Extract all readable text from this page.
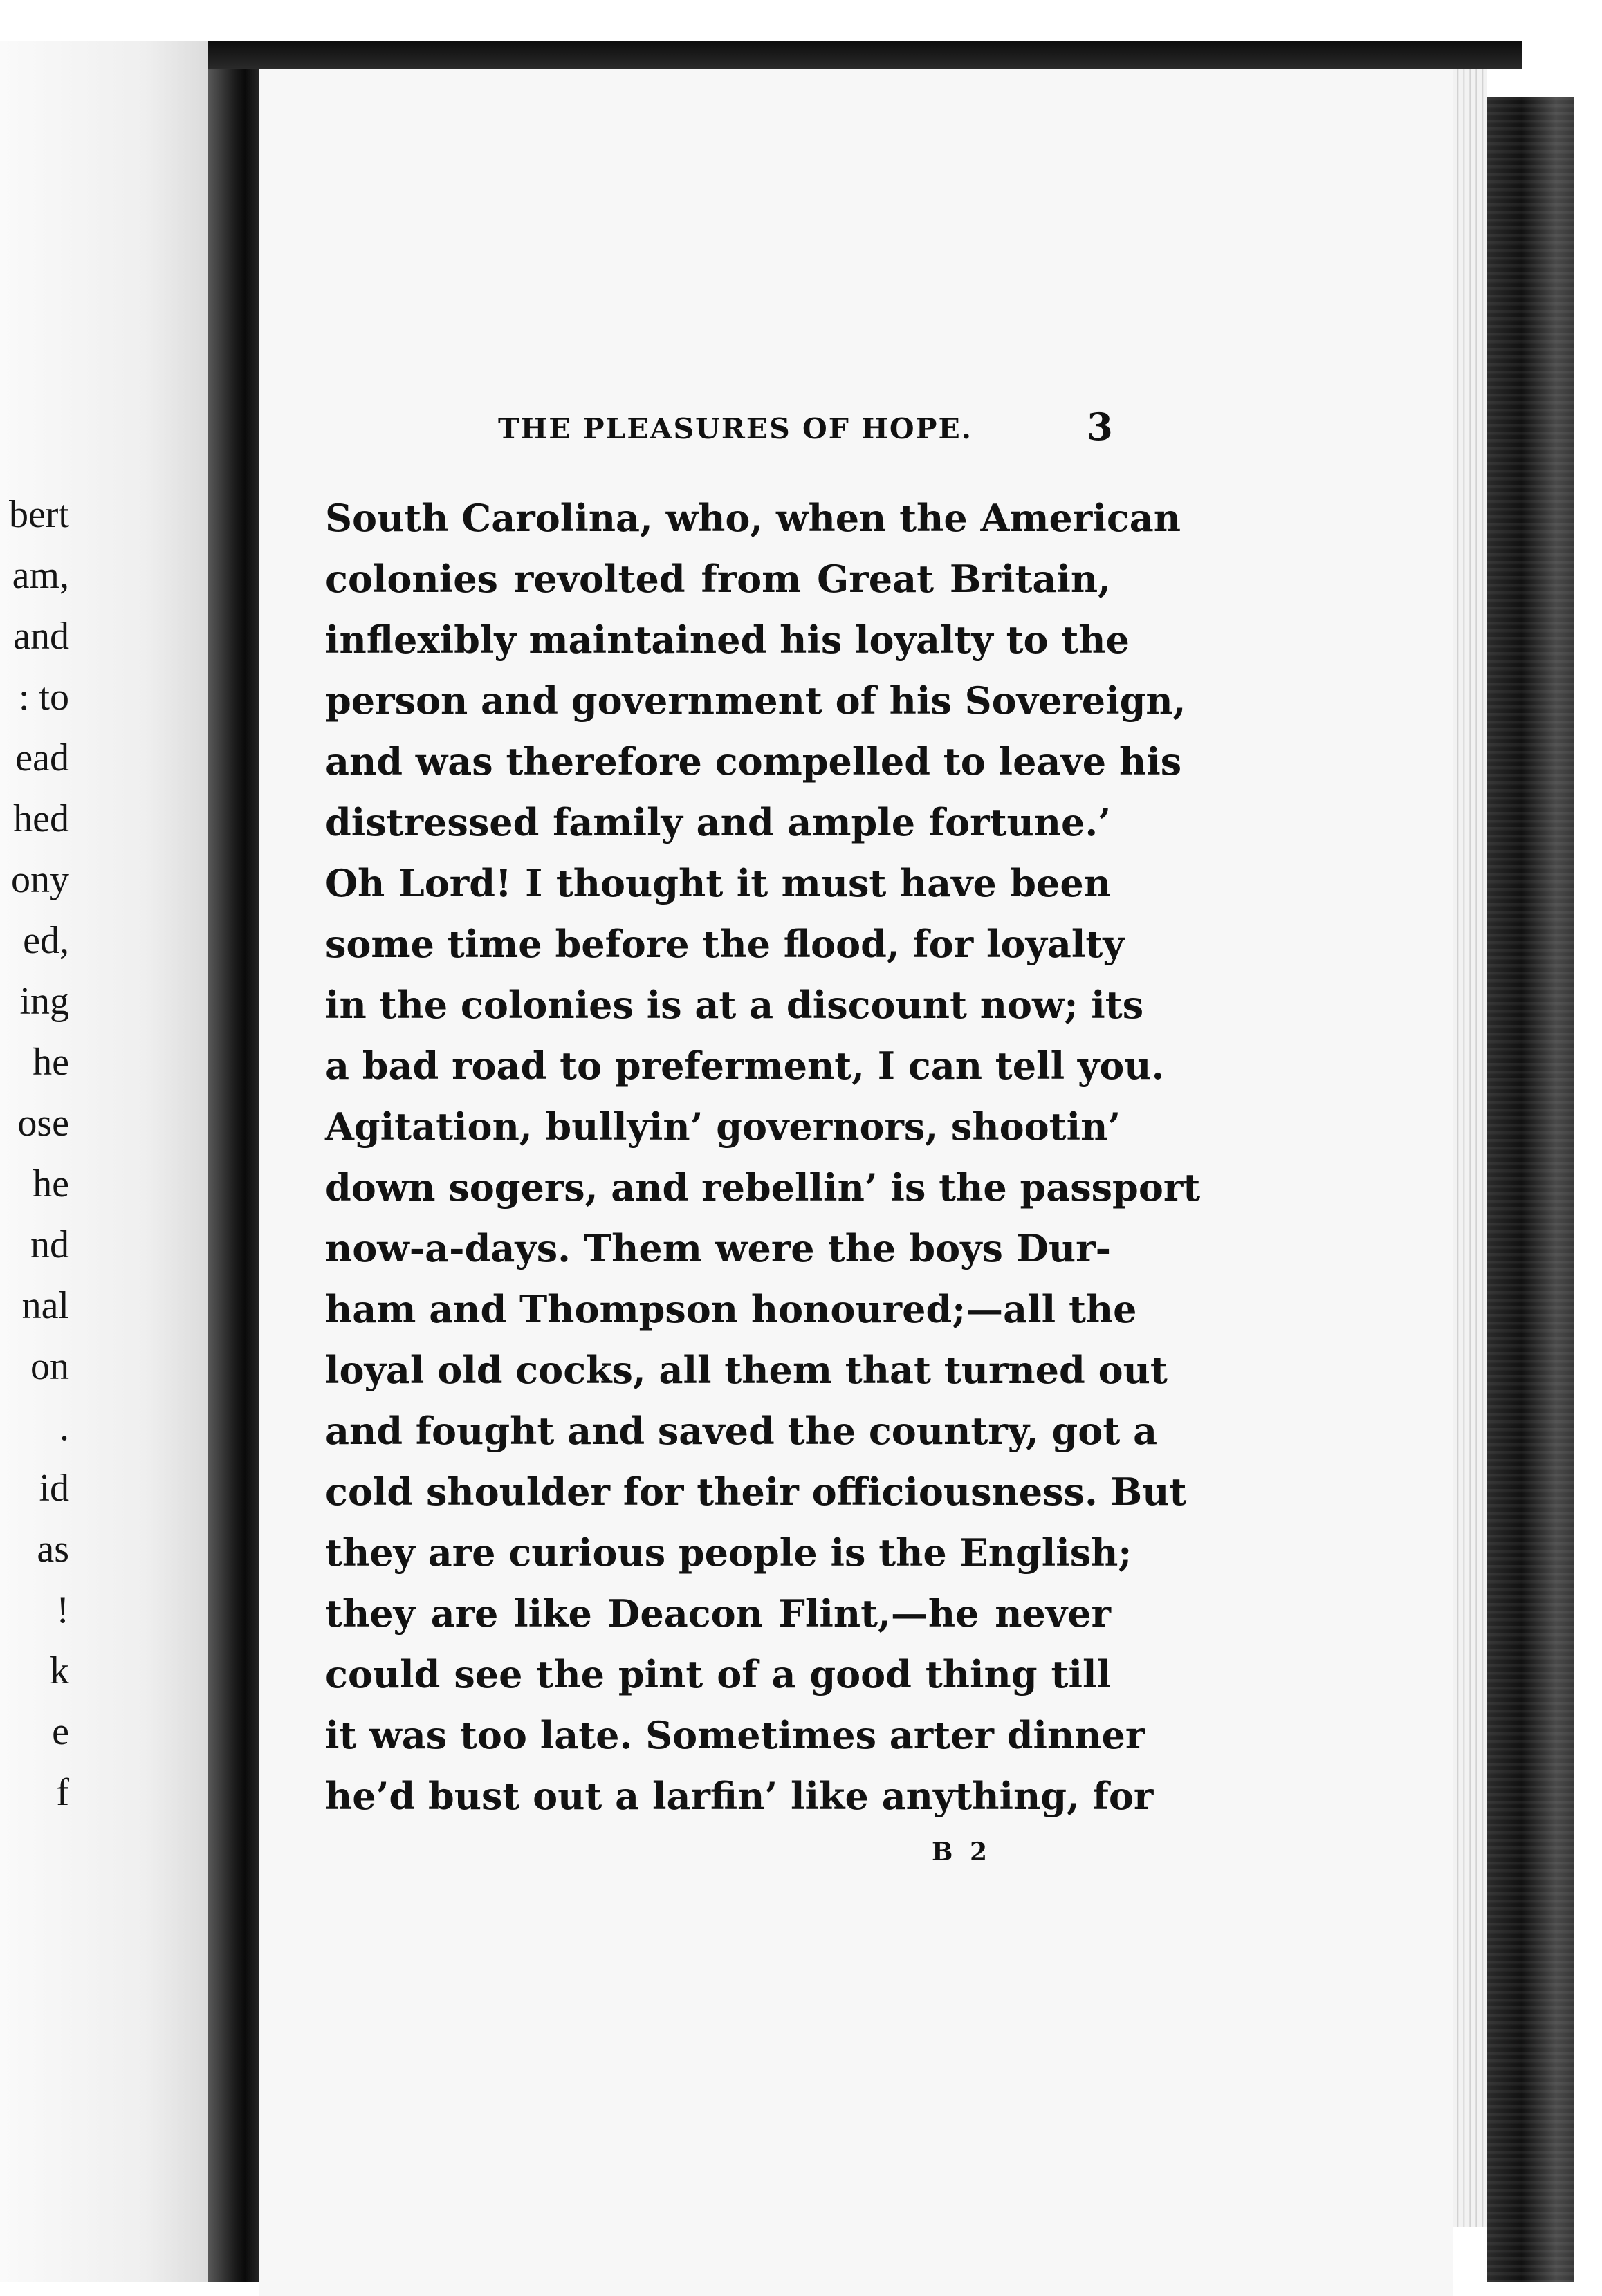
bert
am,
and
: to
ead
hed
ony
ed,
ing
he
ose
he
nd
nal
on
.
id
as
!
k
e
f
THE PLEASURES OF HOPE.	3
South Carolina, who, when the American
colonies revolted from Great Britain,
inflexibly maintained his loyalty to the
person and government of his Sovereign,
and was therefore compelled to leave his
distressed family and ample fortune.’
Oh Lord! I thought it must have been
some time before the flood, for loyalty
in the colonies is at a discount now; its
a bad road to preferment, I can tell you.
Agitation, bullyin’ governors, shootin’
down sogers, and rebellin’ is the passport
now-a-days. Them were the boys Dur-
ham and Thompson honoured;—all the
loyal old cocks, all them that turned out
and fought and saved the country, got a
cold shoulder for their officiousness. But
they are curious people is the English;
they are like Deacon Flint,—he never
could see the pint of a good thing till
it was too late. Sometimes arter dinner
he’d bust out a larfin’ like anything, for
B 2
